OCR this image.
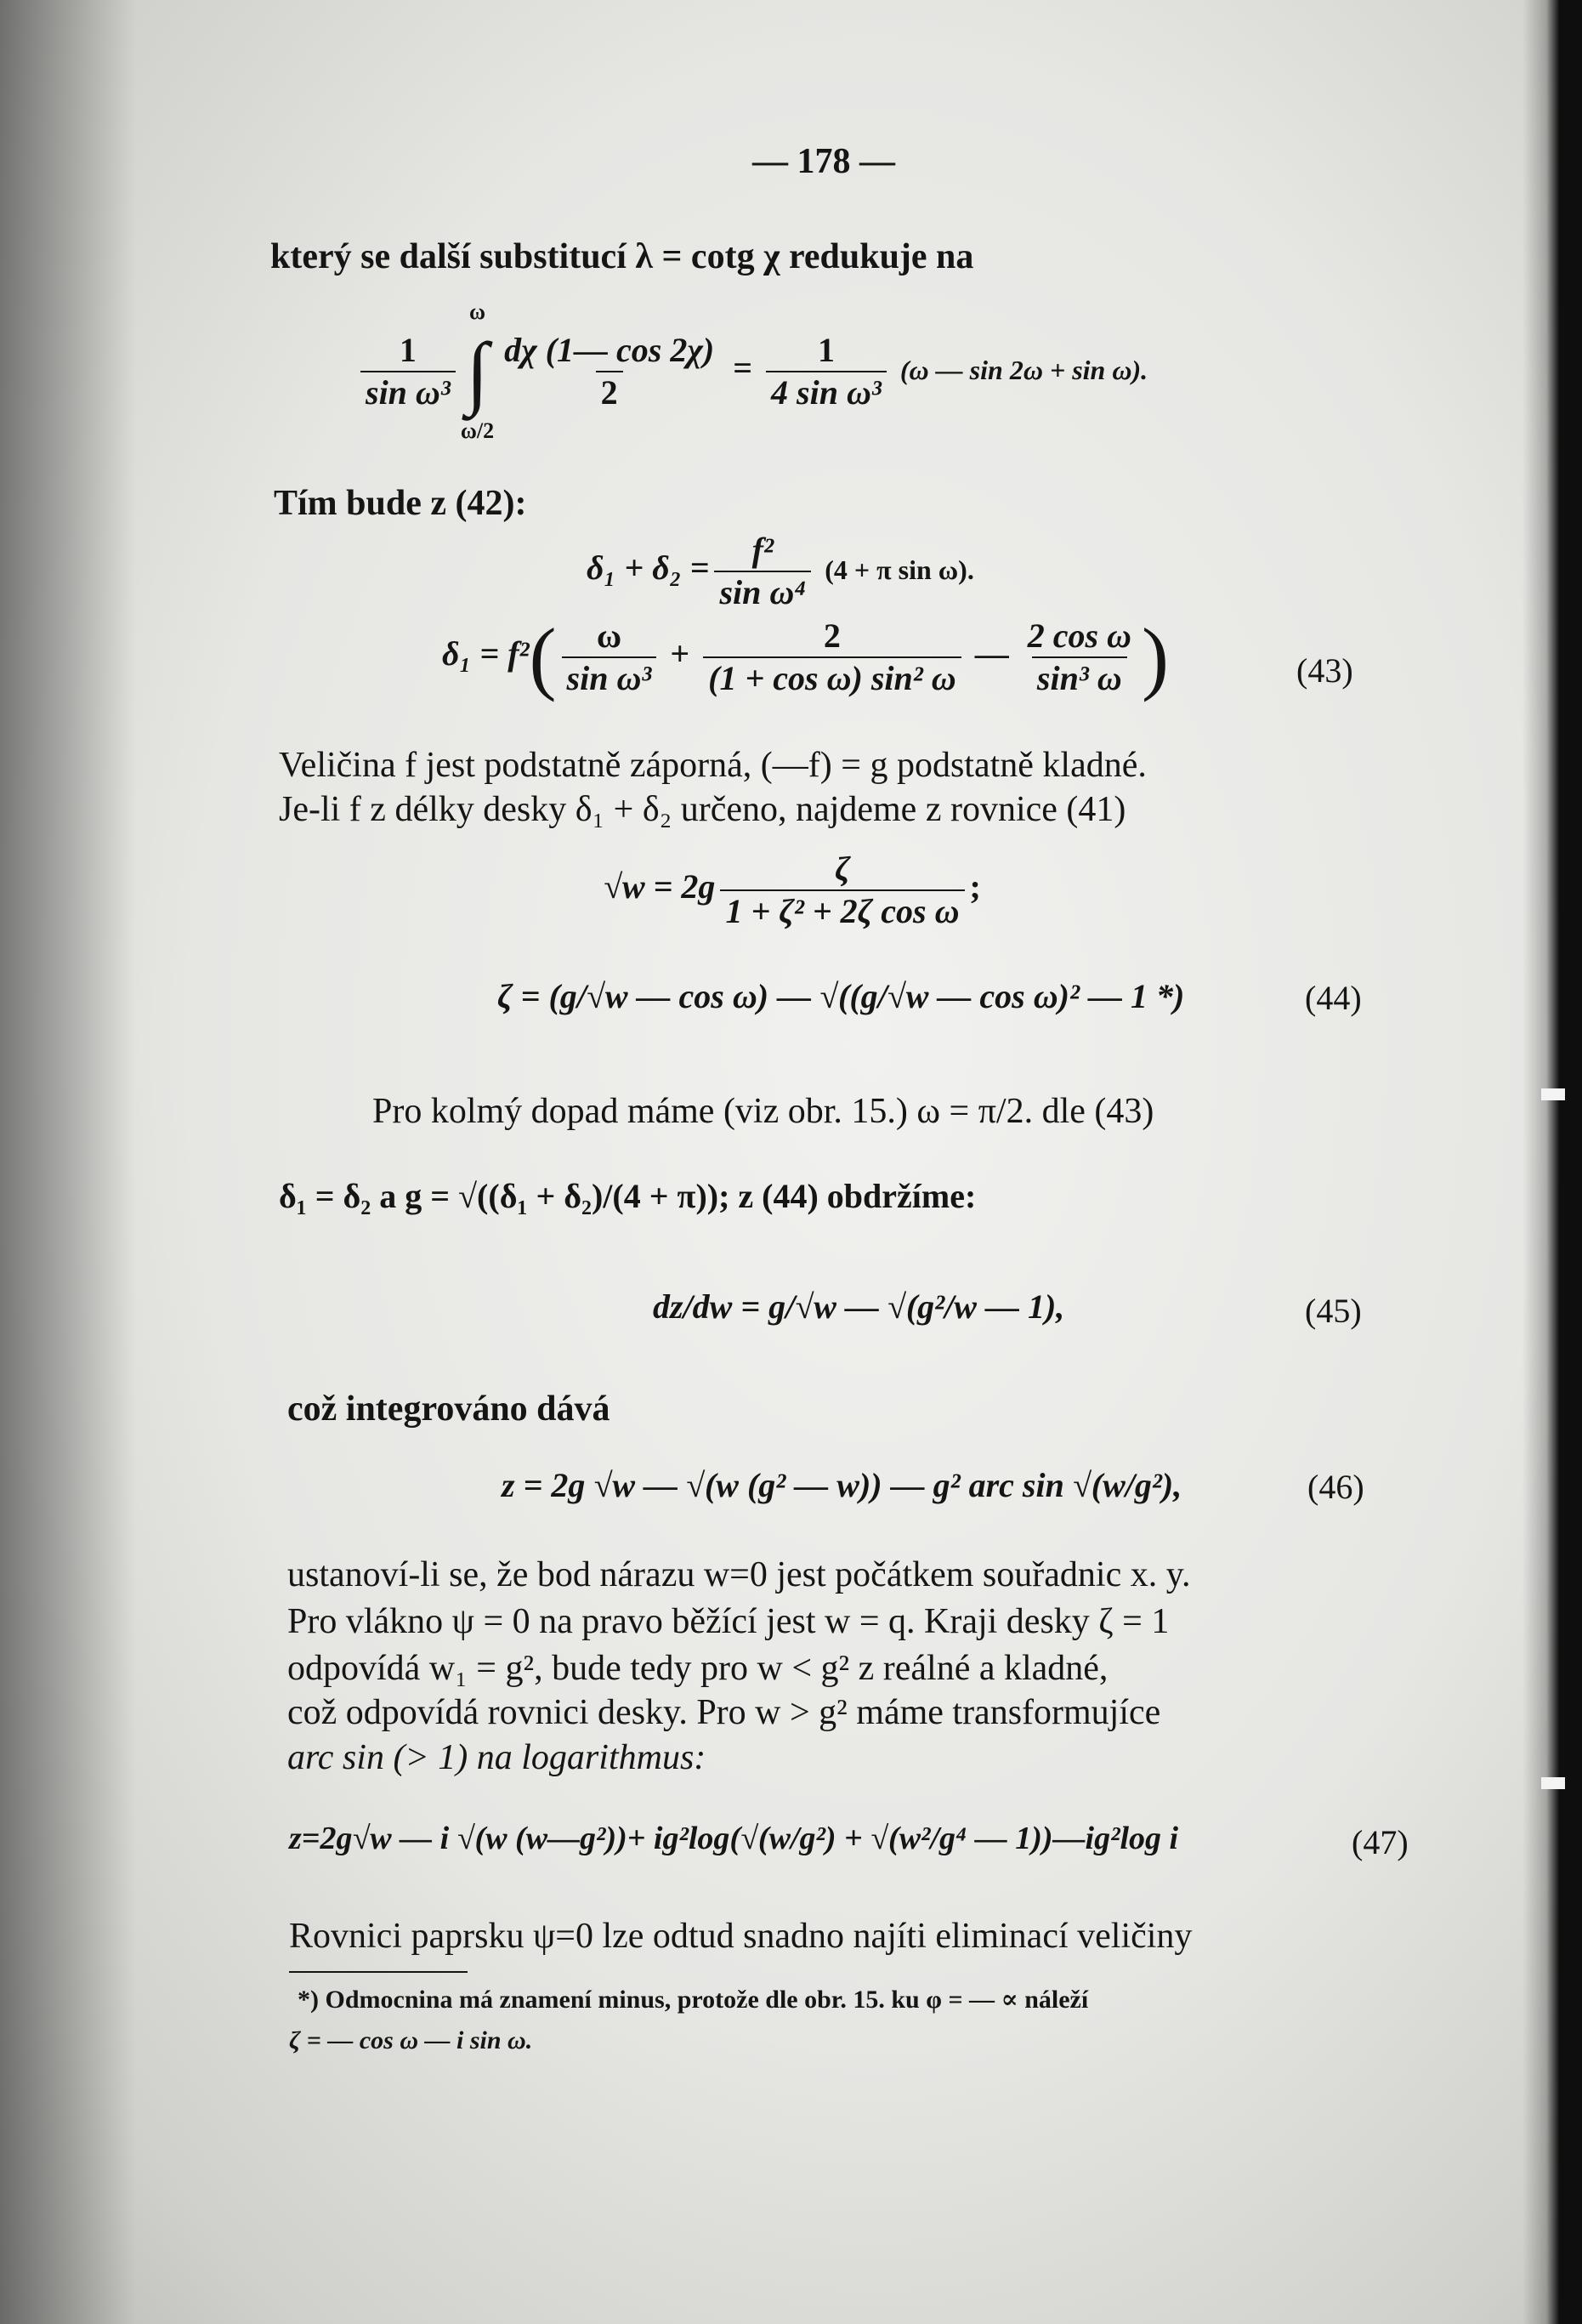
— 178 —
který se další substitucí λ = cotg χ redukuje na
$\frac{1}{\text{sin ω³}}$
ω
∫
ω/2
$\frac{d\chi (1— \cos 2\chi)}{2} = \frac{1}{\text{4 sin ω³}} (\omega$ — sin 2ω + sin ω).
Tím bude z (42):
$\delta_1 + \delta_2 = \frac{\text{f²}}{\text{sin ω⁴}} (4 + \pi$ sin ω).
$\delta_1 = f^2( \frac{\omega}{\text{sin ω³}} + \frac{2}{\text{(1 + cos ω) sin² ω}}$ — $\frac{\text{2 cos ω}}{\text{sin³ ω}}$ )	(43)
Veličina f jest podstatně záporná, (—f) = g podstatně kladné.
Je-li f z délky desky δ₁ + δ₂ určeno, najdeme z rovnice (41)
$√w = 2g \frac{\zeta}{\text{1 + ζ² + 2ζ cos ω}}$ ;
ζ = (g/√w — cos ω) — √((g/√w — cos ω)² — 1 *)	(44)
Pro kolmý dopad máme (viz obr. 15.) ω = π/2. dle (43)
δ₁ = δ₂ a g = √((δ₁ + δ₂)/(4 + π)); z (44) obdržíme:
dz/dw = g/√w — √(g²/w — 1),	(45)
což integrováno dává
z = 2g √w — √(w (g² — w)) — g² arc sin √(w/g²),	(46)
ustanoví-li se, že bod nárazu w=0 jest počátkem souřadnic x. y.
Pro vlákno ψ = 0 na pravo běžící jest w = q. Kraji desky ζ = 1
odpovídá w₁ = g², bude tedy pro w < g² z reálné a kladné,
což odpovídá rovnici desky. Pro w > g² máme transformujíce
arc sin (> 1) na logarithmus:
z=2g√w — i √(w (w—g²))+ ig²log(√(w/g²) + √(w²/g⁴ — 1))—ig²log i	(47)
Rovnici paprsku ψ=0 lze odtud snadno najíti eliminací veličiny
*) Odmocnina má znamení minus, protože dle obr. 15. ku φ = — ∝ náleží
ζ = — cos ω — i sin ω.
